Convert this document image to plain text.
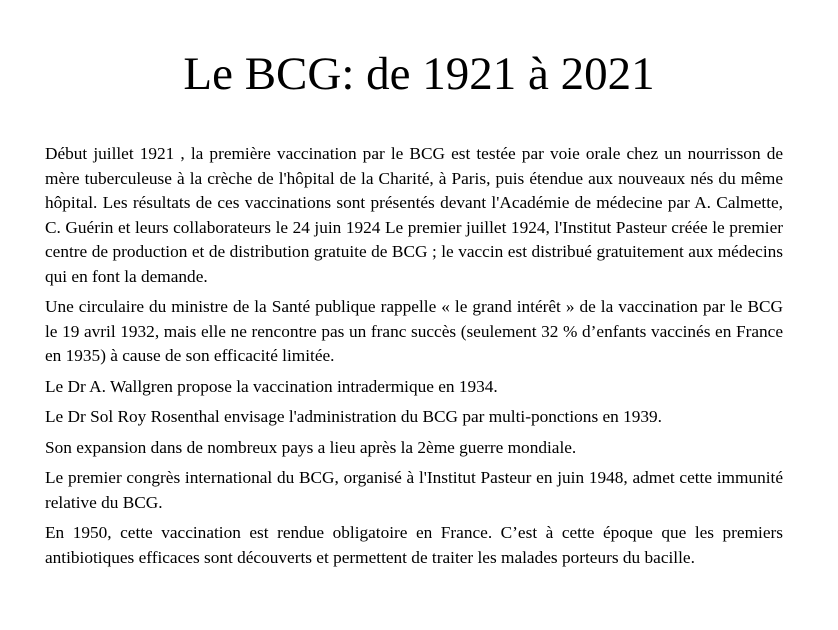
Le BCG: de 1921 à 2021

Début juillet 1921 , la première vaccination par le BCG est testée par voie orale chez un nourrisson de mère tuberculeuse à la crèche de l'hôpital de la Charité, à Paris, puis étendue aux nouveaux nés du même hôpital. Les résultats de ces vaccinations sont présentés devant l'Académie de médecine par A. Calmette, C. Guérin et leurs collaborateurs le 24 juin 1924 Le premier juillet 1924, l'Institut Pasteur créée le premier centre de production et de distribution gratuite de BCG ; le vaccin est distribué gratuitement aux médecins qui en font la demande.

Une circulaire du ministre de la Santé publique rappelle « le grand intérêt » de la vaccination par le BCG le 19 avril 1932, mais elle ne rencontre pas un franc succès (seulement 32 % d’enfants vaccinés en France en 1935) à cause de son efficacité limitée.

Le Dr A. Wallgren propose la vaccination intradermique en 1934.

Le Dr Sol Roy Rosenthal envisage l'administration du BCG par multi-ponctions en 1939.

Son expansion dans de nombreux pays a lieu après la 2ème guerre mondiale.

Le premier congrès international du BCG, organisé à l'Institut Pasteur en juin 1948, admet cette immunité relative du BCG.

En 1950, cette vaccination est rendue obligatoire en France. C’est à cette époque que les premiers antibiotiques efficaces sont découverts et permettent de traiter les malades porteurs du bacille.
